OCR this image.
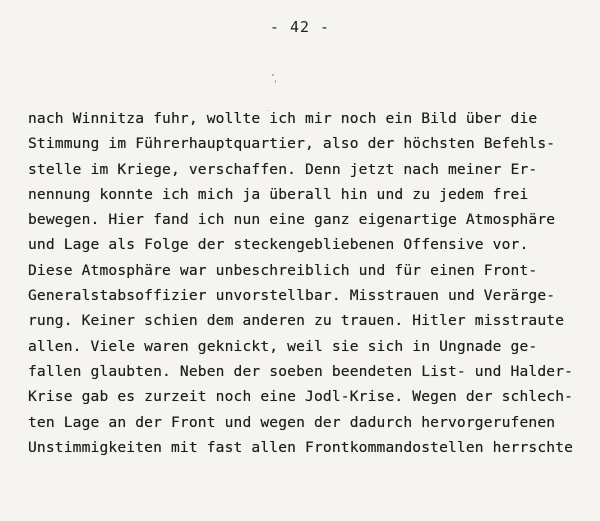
- 42 -
nach Winnitza fuhr, wollte ich mir noch ein Bild über die
Stimmung im Führerhauptquartier, also der höchsten Befehls-
stelle im Kriege, verschaffen. Denn jetzt nach meiner Er-
nennung konnte ich mich ja überall hin und zu jedem frei
bewegen. Hier fand ich nun eine ganz eigenartige Atmosphäre
und Lage als Folge der steckengebliebenen Offensive vor.
Diese Atmosphäre war unbeschreiblich und für einen Front-
Generalstabsoffizier unvorstellbar. Misstrauen und Verärge-
rung. Keiner schien dem anderen zu trauen. Hitler misstraute
allen. Viele waren geknickt, weil sie sich in Ungnade ge-
fallen glaubten. Neben der soeben beendeten List- und Halder-
Krise gab es zurzeit noch eine Jodl-Krise. Wegen der schlech-
ten Lage an der Front und wegen der dadurch hervorgerufenen
Unstimmigkeiten mit fast allen Frontkommandostellen herrschte
